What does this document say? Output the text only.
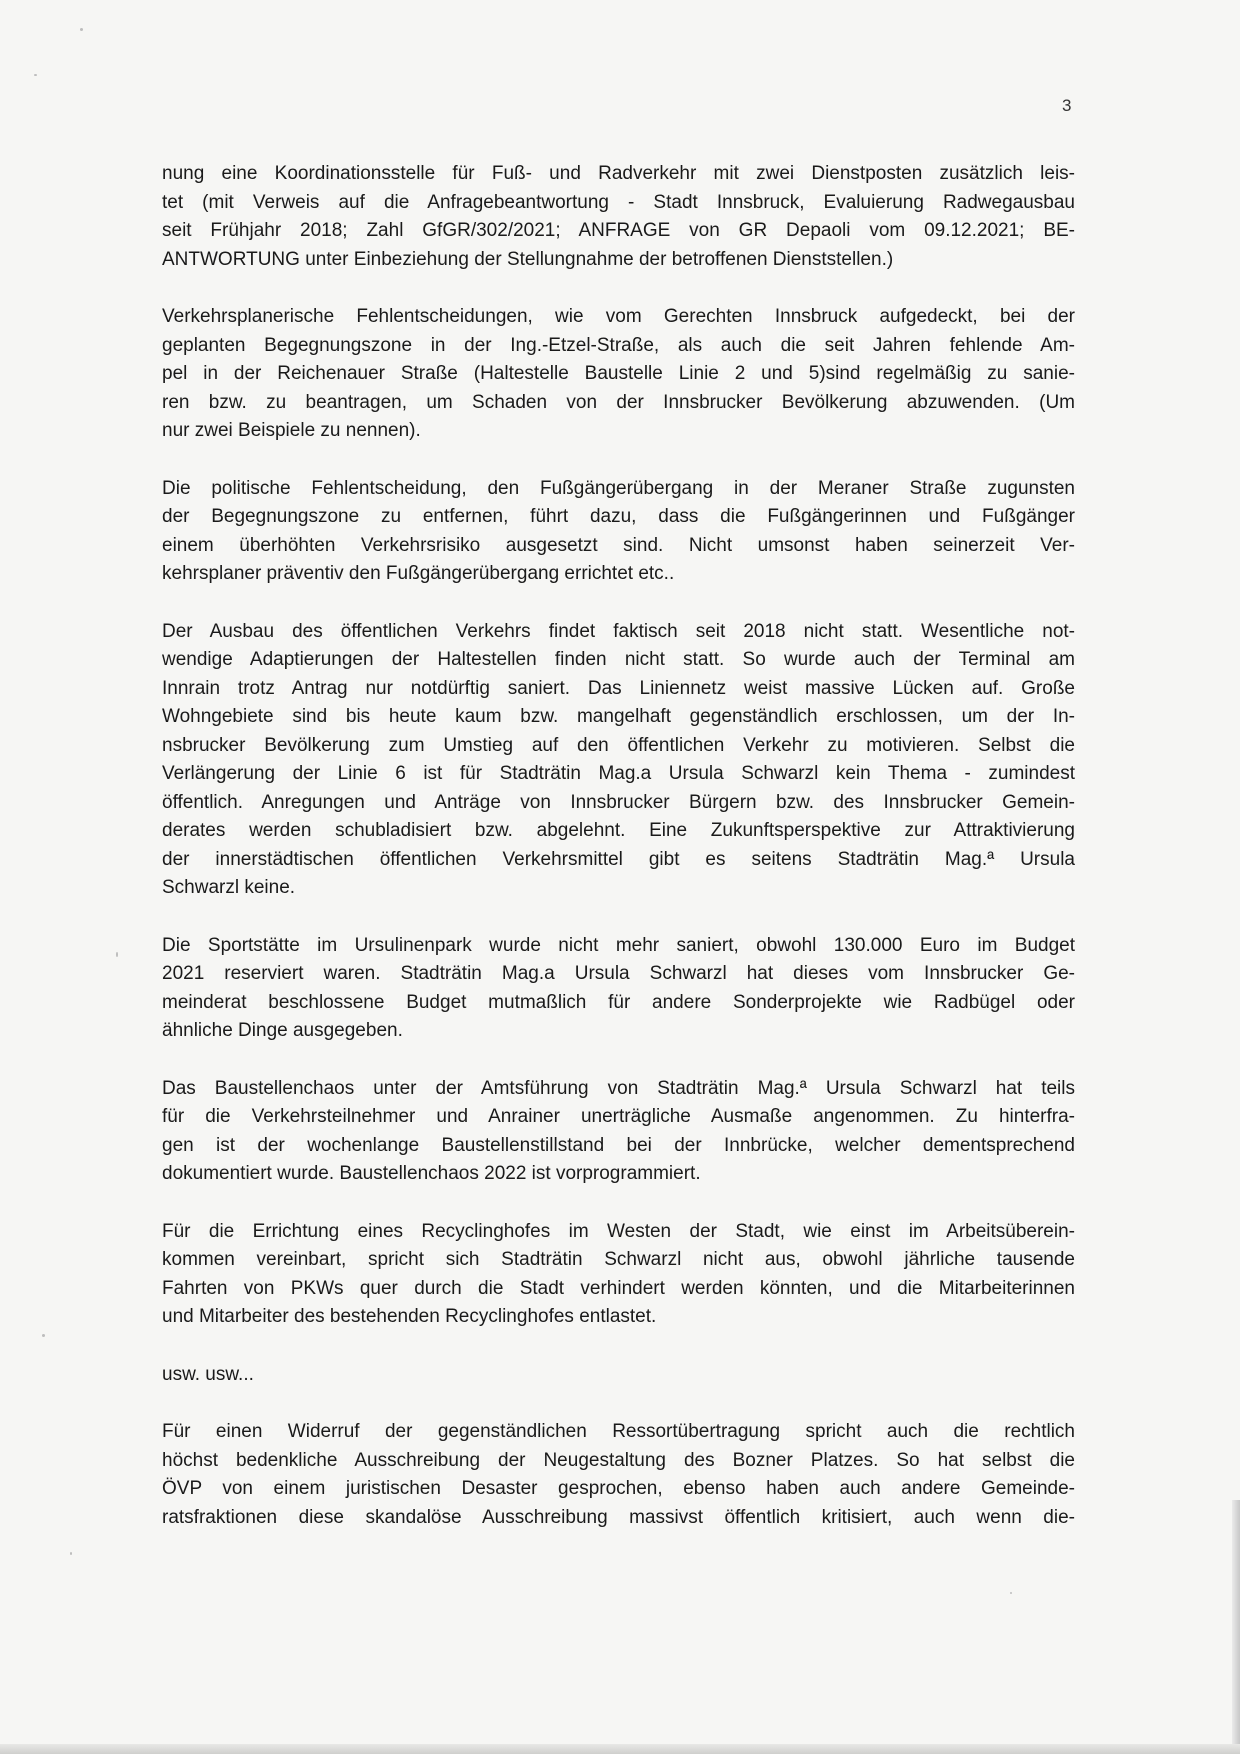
3

nung eine Koordinationsstelle für Fuß- und Radverkehr mit zwei Dienstposten zusätzlich leis-
tet (mit Verweis auf die Anfragebeantwortung - Stadt Innsbruck, Evaluierung Radwegausbau
seit Frühjahr 2018; Zahl GfGR/302/2021; ANFRAGE von GR Depaoli vom 09.12.2021; BE-
ANTWORTUNG unter Einbeziehung der Stellungnahme der betroffenen Dienststellen.)

Verkehrsplanerische Fehlentscheidungen, wie vom Gerechten Innsbruck aufgedeckt, bei der
geplanten Begegnungszone in der Ing.-Etzel-Straße, als auch die seit Jahren fehlende Am-
pel in der Reichenauer Straße (Haltestelle Baustelle Linie 2 und 5)sind regelmäßig zu sanie-
ren bzw. zu beantragen, um Schaden von der Innsbrucker Bevölkerung abzuwenden. (Um
nur zwei Beispiele zu nennen).

Die politische Fehlentscheidung, den Fußgängerübergang in der Meraner Straße zugunsten
der Begegnungszone zu entfernen, führt dazu, dass die Fußgängerinnen und Fußgänger
einem überhöhten Verkehrsrisiko ausgesetzt sind. Nicht umsonst haben seinerzeit Ver-
kehrsplaner präventiv den Fußgängerübergang errichtet etc..

Der Ausbau des öffentlichen Verkehrs findet faktisch seit 2018 nicht statt. Wesentliche not-
wendige Adaptierungen der Haltestellen finden nicht statt. So wurde auch der Terminal am
Innrain trotz Antrag nur notdürftig saniert. Das Liniennetz weist massive Lücken auf. Große
Wohngebiete sind bis heute kaum bzw. mangelhaft gegenständlich erschlossen, um der In-
nsbrucker Bevölkerung zum Umstieg auf den öffentlichen Verkehr zu motivieren. Selbst die
Verlängerung der Linie 6 ist für Stadträtin Mag.a Ursula Schwarzl kein Thema - zumindest
öffentlich. Anregungen und Anträge von Innsbrucker Bürgern bzw. des Innsbrucker Gemein-
derates werden schubladisiert bzw. abgelehnt. Eine Zukunftsperspektive zur Attraktivierung
der innerstädtischen öffentlichen Verkehrsmittel gibt es seitens Stadträtin Mag.ª Ursula
Schwarzl keine.

Die Sportstätte im Ursulinenpark wurde nicht mehr saniert, obwohl 130.000 Euro im Budget
2021 reserviert waren. Stadträtin Mag.a Ursula Schwarzl hat dieses vom Innsbrucker Ge-
meinderat beschlossene Budget mutmaßlich für andere Sonderprojekte wie Radbügel oder
ähnliche Dinge ausgegeben.

Das Baustellenchaos unter der Amtsführung von Stadträtin Mag.ª Ursula Schwarzl hat teils
für die Verkehrsteilnehmer und Anrainer unerträgliche Ausmaße angenommen. Zu hinterfra-
gen ist der wochenlange Baustellenstillstand bei der Innbrücke, welcher dementsprechend
dokumentiert wurde. Baustellenchaos 2022 ist vorprogrammiert.

Für die Errichtung eines Recyclinghofes im Westen der Stadt, wie einst im Arbeitsüberein-
kommen vereinbart, spricht sich Stadträtin Schwarzl nicht aus, obwohl jährliche tausende
Fahrten von PKWs quer durch die Stadt verhindert werden könnten, und die Mitarbeiterinnen
und Mitarbeiter des bestehenden Recyclinghofes entlastet.

usw. usw...

Für einen Widerruf der gegenständlichen Ressortübertragung spricht auch die rechtlich
höchst bedenkliche Ausschreibung der Neugestaltung des Bozner Platzes. So hat selbst die
ÖVP von einem juristischen Desaster gesprochen, ebenso haben auch andere Gemeinde-
ratsfraktionen diese skandalöse Ausschreibung massivst öffentlich kritisiert, auch wenn die-
